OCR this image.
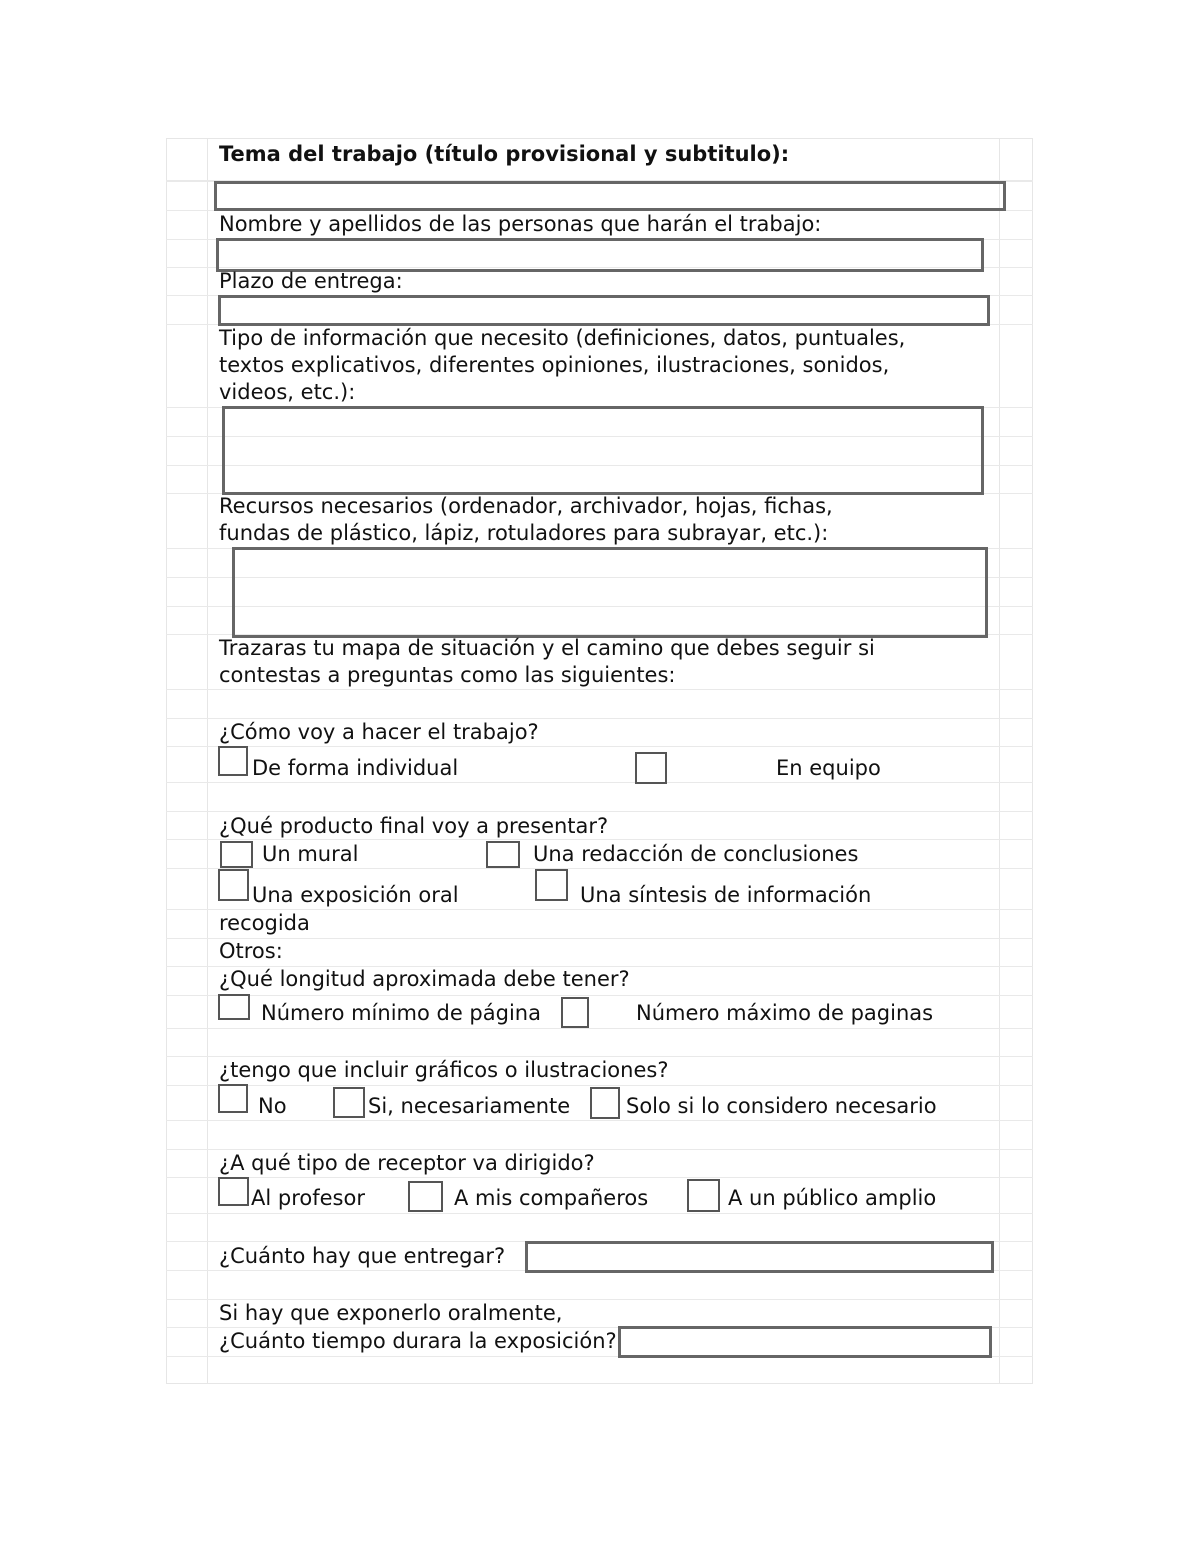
Tema del trabajo (título provisional y subtitulo):
Nombre y apellidos de las personas que harán el trabajo:
Plazo de entrega:
Tipo de información que necesito (definiciones, datos, puntuales,
textos explicativos, diferentes opiniones, ilustraciones, sonidos,
videos, etc.):
Recursos necesarios (ordenador, archivador, hojas, fichas,
fundas de plástico, lápiz, rotuladores para subrayar, etc.):
Trazaras tu mapa de situación y el camino que debes seguir si
contestas a preguntas como las siguientes:
¿Cómo voy a hacer el trabajo?
De forma individual	En equipo
¿Qué producto final voy a presentar?
Un mural	Una redacción de conclusiones
Una exposición oral	Una síntesis de información
recogida
Otros:
¿Qué longitud aproximada debe tener?
Número mínimo de página	Número máximo de paginas
¿tengo que incluir gráficos o ilustraciones?
No	Si, necesariamente	Solo si lo considero necesario
¿A qué tipo de receptor va dirigido?
Al profesor	A mis compañeros	A un público amplio
¿Cuánto hay que entregar?
Si hay que exponerlo oralmente,
¿Cuánto tiempo durara la exposición?
